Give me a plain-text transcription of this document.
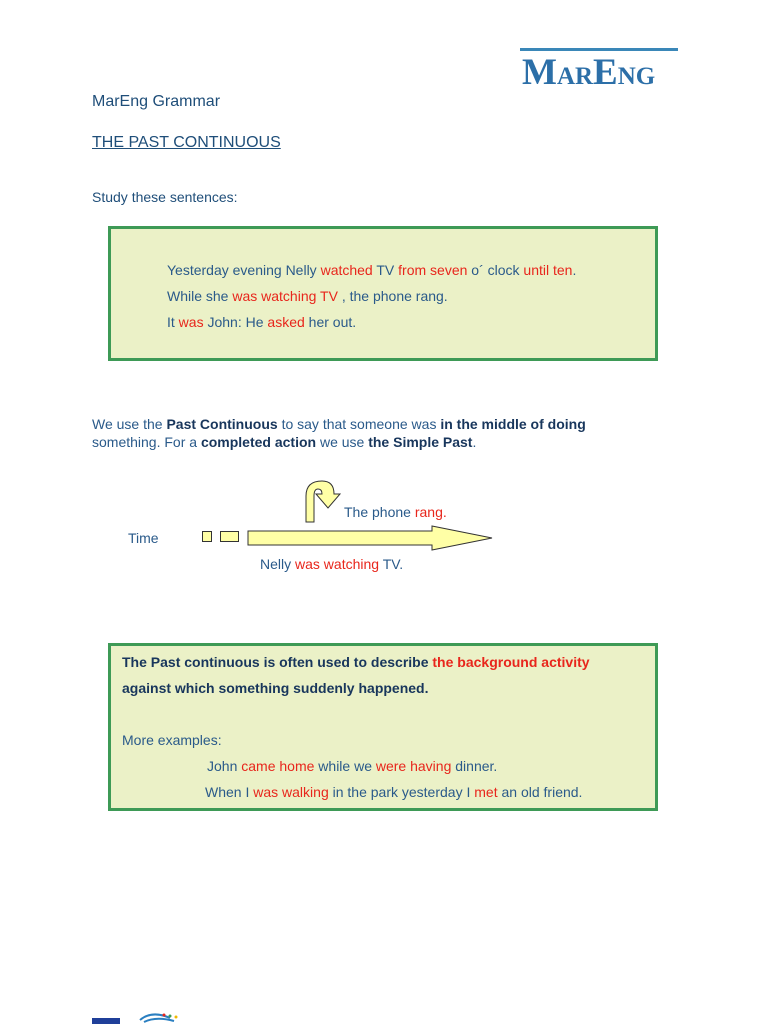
MARENG
MarEng Grammar
THE PAST CONTINUOUS
Study these sentences:
Yesterday evening Nelly watched TV from seven o´ clock until ten.
While she was watching TV , the phone rang.
It was John: He asked her out.
We use the Past Continuous to say that someone was in the middle of doing
something. For a completed action we use the Simple Past.
Time
The phone rang.
Nelly was watching TV.
The Past continuous is often used to describe the background activity
against which something suddenly happened.
More examples:
John came home while we were having dinner.
When I was walking in the park yesterday I met an old friend.
